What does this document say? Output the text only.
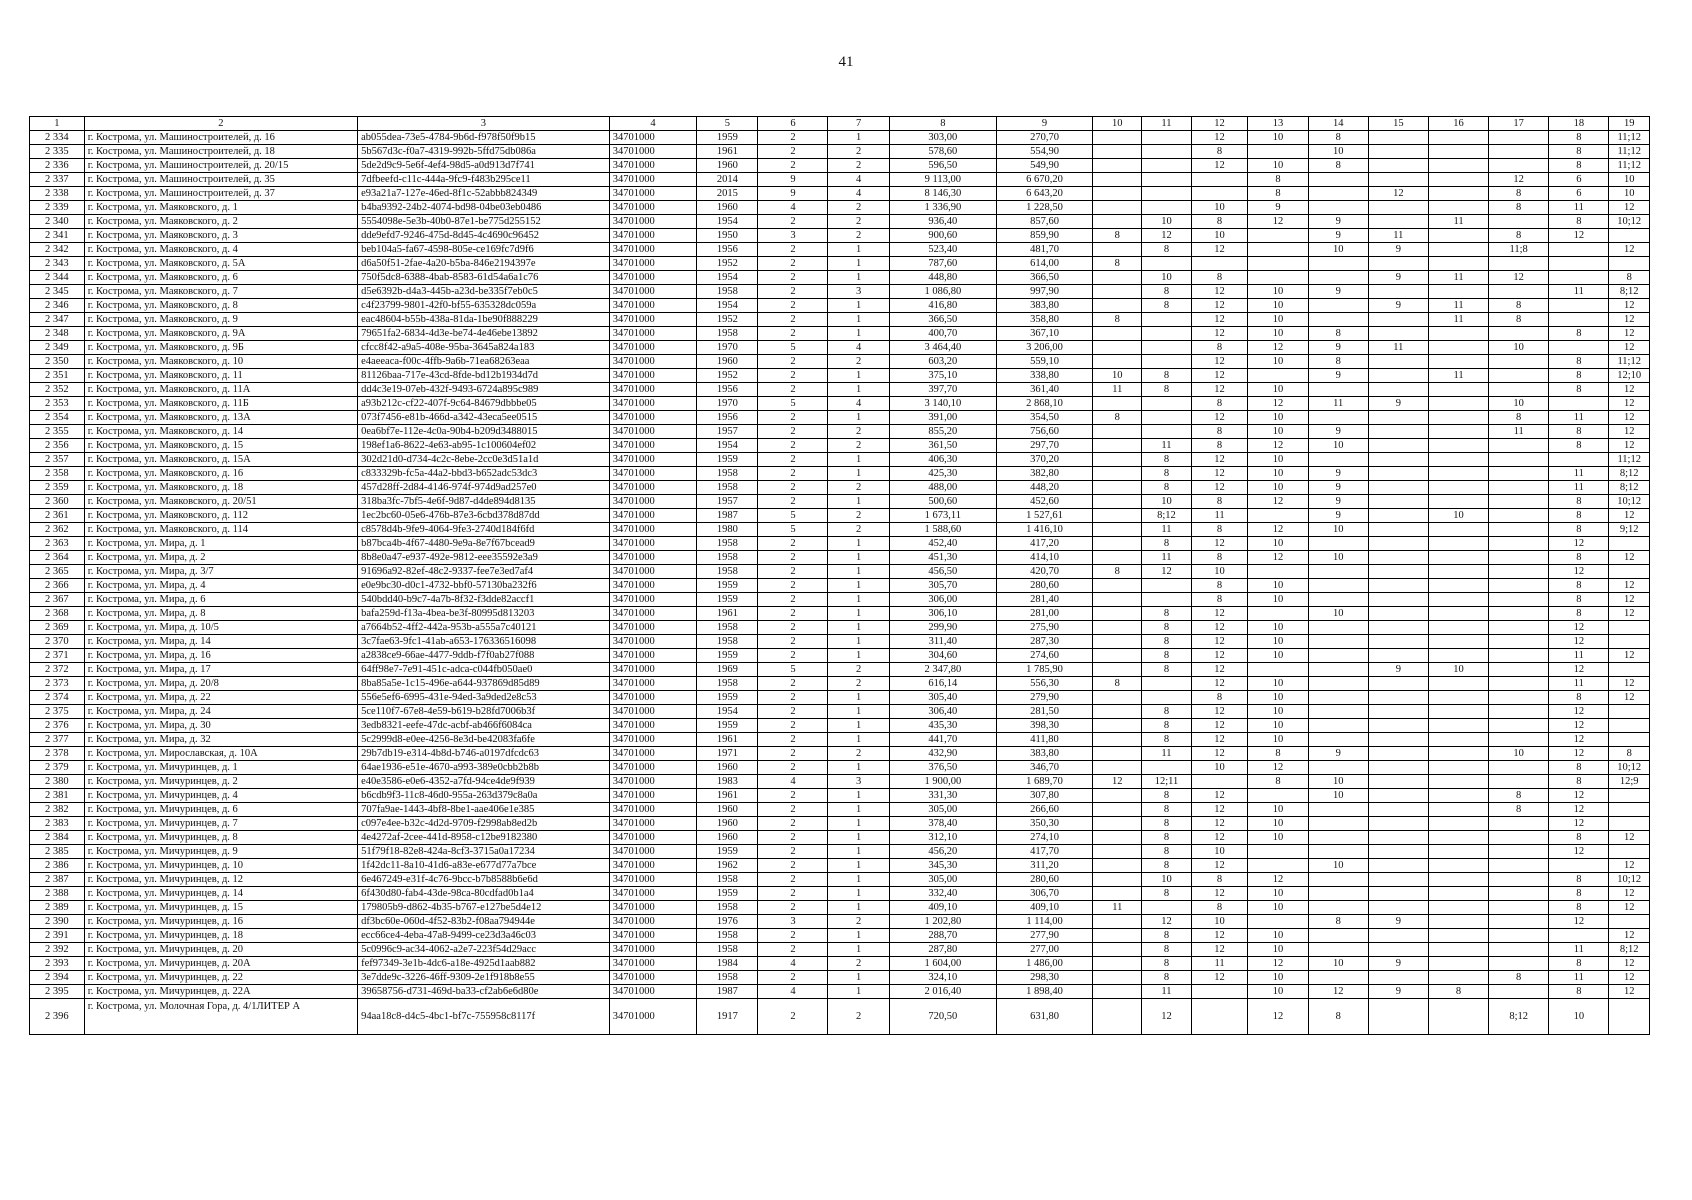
41
1	2	3	4	5	6	7	8	9	10	11	12	13	14	15	16	17	18	19
2 334	г. Кострома, ул. Машиностроителей, д. 16	ab055dea-73e5-4784-9b6d-f978f50f9b15	34701000	1959	2	1	303,00	270,70			12	10	8				8	11;12
2 335	г. Кострома, ул. Машиностроителей, д. 18	5b567d3c-f0a7-4319-992b-5ffd75db086a	34701000	1961	2	2	578,60	554,90			8		10				8	11;12
2 336	г. Кострома, ул. Машиностроителей, д. 20/15	5de2d9c9-5e6f-4ef4-98d5-a0d913d7f741	34701000	1960	2	2	596,50	549,90			12	10	8				8	11;12
2 337	г. Кострома, ул. Машиностроителей, д. 35	7dfbeefd-c11c-444a-9fc9-f483b295ce11	34701000	2014	9	4	9 113,00	6 670,20				8				12	6	10
2 338	г. Кострома, ул. Машиностроителей, д. 37	e93a21a7-127e-46ed-8f1c-52abbb824349	34701000	2015	9	4	8 146,30	6 643,20				8		12		8	6	10
2 339	г. Кострома, ул. Маяковского, д. 1	b4ba9392-24b2-4074-bd98-04be03eb0486	34701000	1960	4	2	1 336,90	1 228,50			10	9				8	11	12
2 340	г. Кострома, ул. Маяковского, д. 2	5554098e-5e3b-40b0-87e1-be775d255152	34701000	1954	2	2	936,40	857,60		10	8	12	9		11		8	10;12
2 341	г. Кострома, ул. Маяковского, д. 3	dde9efd7-9246-475d-8d45-4c4690c96452	34701000	1950	3	2	900,60	859,90	8	12	10		9	11		8	12	
2 342	г. Кострома, ул. Маяковского, д. 4	beb104a5-fa67-4598-805e-ce169fc7d9f6	34701000	1956	2	1	523,40	481,70		8	12		10	9		11;8		12
2 343	г. Кострома, ул. Маяковского, д. 5А	d6a50f51-2fae-4a20-b5ba-846e2194397e	34701000	1952	2	1	787,60	614,00	8									
2 344	г. Кострома, ул. Маяковского, д. 6	750f5dc8-6388-4bab-8583-61d54a6a1c76	34701000	1954	2	1	448,80	366,50		10	8			9	11	12		8
2 345	г. Кострома, ул. Маяковского, д. 7	d5e6392b-d4a3-445b-a23d-be335f7eb0c5	34701000	1958	2	3	1 086,80	997,90		8	12	10	9				11	8;12
2 346	г. Кострома, ул. Маяковского, д. 8	c4f23799-9801-42f0-bf55-635328dc059a	34701000	1954	2	1	416,80	383,80		8	12	10		9	11	8		12
2 347	г. Кострома, ул. Маяковского, д. 9	eac48604-b55b-438a-81da-1be90f888229	34701000	1952	2	1	366,50	358,80	8		12	10			11	8		12
2 348	г. Кострома, ул. Маяковского, д. 9А	79651fa2-6834-4d3e-be74-4e46ebe13892	34701000	1958	2	1	400,70	367,10			12	10	8				8	12
2 349	г. Кострома, ул. Маяковского, д. 9Б	cfcc8f42-a9a5-408e-95ba-3645a824a183	34701000	1970	5	4	3 464,40	3 206,00			8	12	9	11		10		12
2 350	г. Кострома, ул. Маяковского, д. 10	e4aeeaca-f00c-4ffb-9a6b-71ea68263eaa	34701000	1960	2	2	603,20	559,10			12	10	8				8	11;12
2 351	г. Кострома, ул. Маяковского, д. 11	81126baa-717e-43cd-8fde-bd12b1934d7d	34701000	1952	2	1	375,10	338,80	10	8	12		9		11		8	12;10
2 352	г. Кострома, ул. Маяковского, д. 11А	dd4c3e19-07eb-432f-9493-6724a895c989	34701000	1956	2	1	397,70	361,40	11	8	12	10					8	12
2 353	г. Кострома, ул. Маяковского, д. 11Б	a93b212c-cf22-407f-9c64-84679dbbbe05	34701000	1970	5	4	3 140,10	2 868,10			8	12	11	9		10		12
2 354	г. Кострома, ул. Маяковского, д. 13А	073f7456-e81b-466d-a342-43eca5ee0515	34701000	1956	2	1	391,00	354,50	8		12	10				8	11	12
2 355	г. Кострома, ул. Маяковского, д. 14	0ea6bf7e-112e-4c0a-90b4-b209d3488015	34701000	1957	2	2	855,20	756,60			8	10	9			11	8	12
2 356	г. Кострома, ул. Маяковского, д. 15	198ef1a6-8622-4e63-ab95-1c100604ef02	34701000	1954	2	2	361,50	297,70		11	8	12	10				8	12
2 357	г. Кострома, ул. Маяковского, д. 15А	302d21d0-d734-4c2c-8ebe-2cc0e3d51a1d	34701000	1959	2	1	406,30	370,20		8	12	10						11;12
2 358	г. Кострома, ул. Маяковского, д. 16	c833329b-fc5a-44a2-bbd3-b652adc53dc3	34701000	1958	2	1	425,30	382,80		8	12	10	9				11	8;12
2 359	г. Кострома, ул. Маяковского, д. 18	457d28ff-2d84-4146-974f-974d9ad257e0	34701000	1958	2	2	488,00	448,20		8	12	10	9				11	8;12
2 360	г. Кострома, ул. Маяковского, д. 20/51	318ba3fc-7bf5-4e6f-9d87-d4de894d8135	34701000	1957	2	1	500,60	452,60		10	8	12	9				8	10;12
2 361	г. Кострома, ул. Маяковского, д. 112	1ec2bc60-05e6-476b-87e3-6cbd378d87dd	34701000	1987	5	2	1 673,11	1 527,61		8;12	11		9		10		8	12
2 362	г. Кострома, ул. Маяковского, д. 114	c8578d4b-9fe9-4064-9fe3-2740d184f6fd	34701000	1980	5	2	1 588,60	1 416,10		11	8	12	10				8	9;12
2 363	г. Кострома, ул. Мира, д. 1	b87bca4b-4f67-4480-9e9a-8e7f67bcead9	34701000	1958	2	1	452,40	417,20		8	12	10					12	
2 364	г. Кострома, ул. Мира, д. 2	8b8e0a47-e937-492e-9812-eee35592e3a9	34701000	1958	2	1	451,30	414,10		11	8	12	10				8	12
2 365	г. Кострома, ул. Мира, д. 3/7	91696a92-82ef-48c2-9337-fee7e3ed7af4	34701000	1958	2	1	456,50	420,70	8	12	10						12	
2 366	г. Кострома, ул. Мира, д. 4	e0e9bc30-d0c1-4732-bbf0-57130ba232f6	34701000	1959	2	1	305,70	280,60			8	10					8	12
2 367	г. Кострома, ул. Мира, д. 6	540bdd40-b9c7-4a7b-8f32-f3dde82accf1	34701000	1959	2	1	306,00	281,40			8	10					8	12
2 368	г. Кострома, ул. Мира, д. 8	bafa259d-f13a-4bea-be3f-80995d813203	34701000	1961	2	1	306,10	281,00		8	12		10				8	12
2 369	г. Кострома, ул. Мира, д. 10/5	a7664b52-4ff2-442a-953b-a555a7c40121	34701000	1958	2	1	299,90	275,90		8	12	10					12	
2 370	г. Кострома, ул. Мира, д. 14	3c7fae63-9fc1-41ab-a653-176336516098	34701000	1958	2	1	311,40	287,30		8	12	10					12	
2 371	г. Кострома, ул. Мира, д. 16	a2838ce9-66ae-4477-9ddb-f7f0ab27f088	34701000	1959	2	1	304,60	274,60		8	12	10					11	12
2 372	г. Кострома, ул. Мира, д. 17	64ff98e7-7e91-451c-adca-c044fb050ae0	34701000	1969	5	2	2 347,80	1 785,90		8	12			9	10		12	
2 373	г. Кострома, ул. Мира, д. 20/8	8ba85a5e-1c15-496e-a644-937869d85d89	34701000	1958	2	2	616,14	556,30	8		12	10					11	12
2 374	г. Кострома, ул. Мира, д. 22	556e5ef6-6995-431e-94ed-3a9ded2e8c53	34701000	1959	2	1	305,40	279,90			8	10					8	12
2 375	г. Кострома, ул. Мира, д. 24	5ce110f7-67e8-4e59-b619-b28fd7006b3f	34701000	1954	2	1	306,40	281,50		8	12	10					12	
2 376	г. Кострома, ул. Мира, д. 30	3edb8321-eefe-47dc-acbf-ab466f6084ca	34701000	1959	2	1	435,30	398,30		8	12	10					12	
2 377	г. Кострома, ул. Мира, д. 32	5c2999d8-e0ee-4256-8e3d-be42083fa6fe	34701000	1961	2	1	441,70	411,80		8	12	10					12	
2 378	г. Кострома, ул. Мирославская, д. 10А	29b7db19-e314-4b8d-b746-a0197dfcdc63	34701000	1971	2	2	432,90	383,80		11	12	8	9			10	12	8
2 379	г. Кострома, ул. Мичуринцев, д. 1	64ae1936-e51e-4670-a993-389e0cbb2b8b	34701000	1960	2	1	376,50	346,70			10	12					8	10;12
2 380	г. Кострома, ул. Мичуринцев, д. 2	e40e3586-e0e6-4352-a7fd-94ce4de9f939	34701000	1983	4	3	1 900,00	1 689,70	12	12;11		8	10				8	12;9
2 381	г. Кострома, ул. Мичуринцев, д. 4	b6cdb9f3-11c8-46d0-955a-263d379c8a0a	34701000	1961	2	1	331,30	307,80		8	12		10			8	12	
2 382	г. Кострома, ул. Мичуринцев, д. 6	707fa9ae-1443-4bf8-8be1-aae406e1e385	34701000	1960	2	1	305,00	266,60		8	12	10				8	12	
2 383	г. Кострома, ул. Мичуринцев, д. 7	c097e4ee-b32c-4d2d-9709-f2998ab8ed2b	34701000	1960	2	1	378,40	350,30		8	12	10					12	
2 384	г. Кострома, ул. Мичуринцев, д. 8	4e4272af-2cee-441d-8958-c12be9182380	34701000	1960	2	1	312,10	274,10		8	12	10					8	12
2 385	г. Кострома, ул. Мичуринцев, д. 9	51f79f18-82e8-424a-8cf3-3715a0a17234	34701000	1959	2	1	456,20	417,70		8	10						12	
2 386	г. Кострома, ул. Мичуринцев, д. 10	1f42dc11-8a10-41d6-a83e-e677d77a7bce	34701000	1962	2	1	345,30	311,20		8	12		10					12
2 387	г. Кострома, ул. Мичуринцев, д. 12	6e467249-e31f-4c76-9bcc-b7b8588b6e6d	34701000	1958	2	1	305,00	280,60		10	8	12					8	10;12
2 388	г. Кострома, ул. Мичуринцев, д. 14	6f430d80-fab4-43de-98ca-80cdfad0b1a4	34701000	1959	2	1	332,40	306,70		8	12	10					8	12
2 389	г. Кострома, ул. Мичуринцев, д. 15	179805b9-d862-4b35-b767-e127be5d4e12	34701000	1958	2	1	409,10	409,10	11		8	10					8	12
2 390	г. Кострома, ул. Мичуринцев, д. 16	df3bc60e-060d-4f52-83b2-f08aa794944e	34701000	1976	3	2	1 202,80	1 114,00		12	10		8	9			12	
2 391	г. Кострома, ул. Мичуринцев, д. 18	ecc66ce4-4eba-47a8-9499-ce23d3a46c03	34701000	1958	2	1	288,70	277,90		8	12	10						12
2 392	г. Кострома, ул. Мичуринцев, д. 20	5c0996c9-ac34-4062-a2e7-223f54d29acc	34701000	1958	2	1	287,80	277,00		8	12	10					11	8;12
2 393	г. Кострома, ул. Мичуринцев, д. 20А	fef97349-3e1b-4dc6-a18e-4925d1aab882	34701000	1984	4	2	1 604,00	1 486,00		8	11	12	10	9			8	12
2 394	г. Кострома, ул. Мичуринцев, д. 22	3e7dde9c-3226-46ff-9309-2e1f918b8e55	34701000	1958	2	1	324,10	298,30		8	12	10				8	11	12
2 395	г. Кострома, ул. Мичуринцев, д. 22А	39658756-d731-469d-ba33-cf2ab6e6d80e	34701000	1987	4	1	2 016,40	1 898,40		11		10	12	9	8		8	12
2 396	г. Кострома, ул. Молочная Гора, д. 4/1ЛИТЕР А	94aa18c8-d4c5-4bc1-bf7c-755958c8117f	34701000	1917	2	2	720,50	631,80		12		12	8			8;12	10	
